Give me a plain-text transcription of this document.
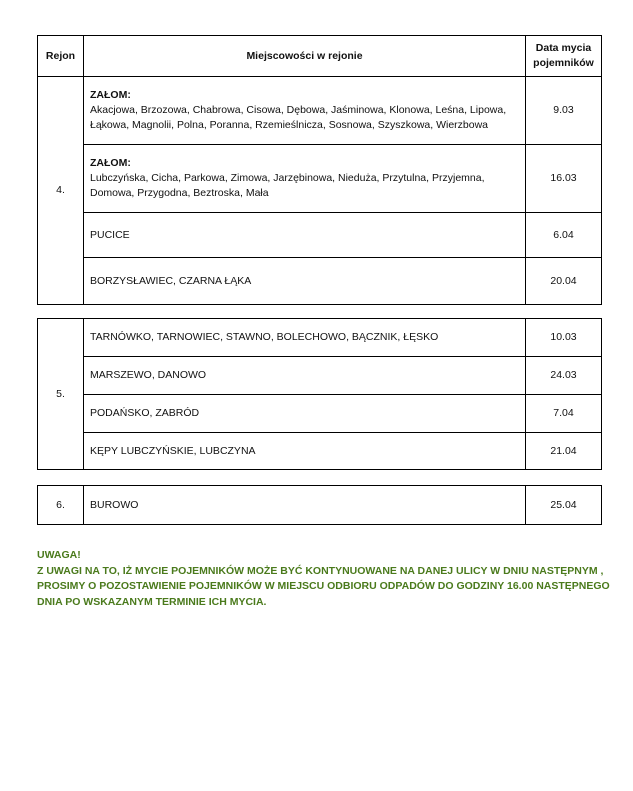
Rejon	Miejscowości w rejonie	Data mycia
pojemników

4.	ZAŁOM:
Akacjowa, Brzozowa, Chabrowa, Cisowa, Dębowa, Jaśminowa, Klonowa, Leśna, Lipowa,
Łąkowa, Magnolii, Polna, Poranna, Rzemieślnicza, Sosnowa, Szyszkowa, Wierzbowa	9.03

	ZAŁOM:
Lubczyńska, Cicha, Parkowa, Zimowa, Jarzębinowa, Nieduża, Przytulna, Przyjemna,
Domowa, Przygodna, Beztroska, Mała	16.03
	PUCICE	6.04
	BORZYSŁAWIEC, CZARNA ŁĄKA	20.04
5.	TARNÓWKO, TARNOWIEC, STAWNO, BOLECHOWO, BĄCZNIK, ŁĘSKO	10.03
	MARSZEWO, DANOWO	24.03
	PODAŃSKO, ZABRÓD	7.04
	KĘPY LUBCZYŃSKIE, LUBCZYNA	21.04
6.	BUROWO	25.04
UWAGA!
Z UWAGI NA TO, IŻ MYCIE POJEMNIKÓW MOŻE BYĆ KONTYNUOWANE NA DANEJ ULICY W DNIU NASTĘPNYM ,
PROSIMY O POZOSTAWIENIE POJEMNIKÓW W MIEJSCU ODBIORU ODPADÓW DO GODZINY 16.00 NASTĘPNEGO
DNIA PO WSKAZANYM TERMINIE ICH MYCIA.
